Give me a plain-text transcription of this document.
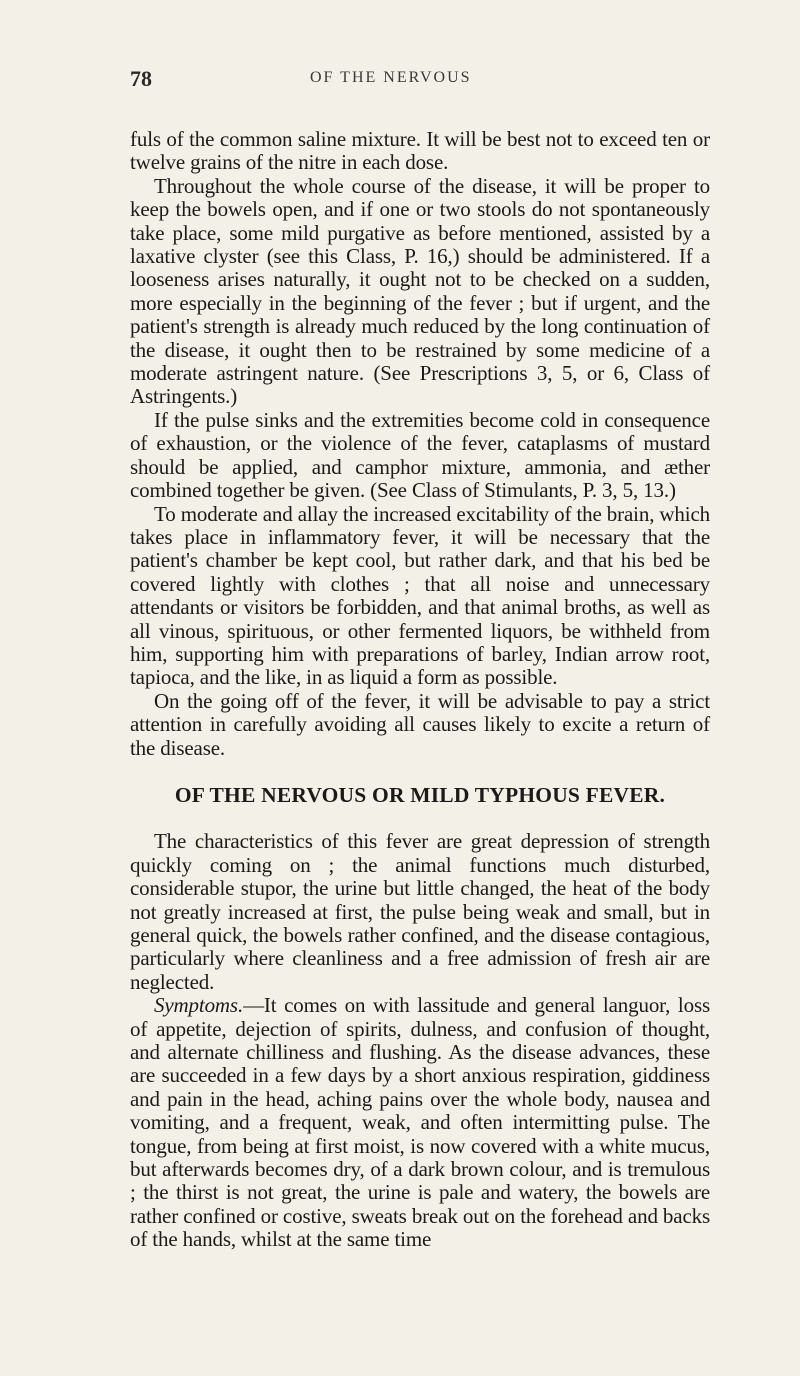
78	OF THE NERVOUS

fuls of the common saline mixture. It will be best not to exceed ten or twelve grains of the nitre in each dose.

Throughout the whole course of the disease, it will be proper to keep the bowels open, and if one or two stools do not spontaneously take place, some mild purgative as before mentioned, assisted by a laxative clyster (see this Class, P. 16,) should be administered. If a looseness arises naturally, it ought not to be checked on a sudden, more especially in the beginning of the fever ; but if urgent, and the patient's strength is already much reduced by the long continuation of the disease, it ought then to be restrained by some medicine of a moderate astringent nature. (See Prescriptions 3, 5, or 6, Class of Astringents.)

If the pulse sinks and the extremities become cold in consequence of exhaustion, or the violence of the fever, cataplasms of mustard should be applied, and camphor mixture, ammonia, and æther combined together be given. (See Class of Stimulants, P. 3, 5, 13.)

To moderate and allay the increased excitability of the brain, which takes place in inflammatory fever, it will be necessary that the patient's chamber be kept cool, but rather dark, and that his bed be covered lightly with clothes ; that all noise and unnecessary attendants or visitors be forbidden, and that animal broths, as well as all vinous, spirituous, or other fermented liquors, be withheld from him, supporting him with preparations of barley, Indian arrow root, tapioca, and the like, in as liquid a form as possible.

On the going off of the fever, it will be advisable to pay a strict attention in carefully avoiding all causes likely to excite a return of the disease.

OF THE NERVOUS OR MILD TYPHOUS FEVER.

The characteristics of this fever are great depression of strength quickly coming on ; the animal functions much disturbed, considerable stupor, the urine but little changed, the heat of the body not greatly increased at first, the pulse being weak and small, but in general quick, the bowels rather confined, and the disease contagious, particularly where cleanliness and a free admission of fresh air are neglected.

Symptoms.—It comes on with lassitude and general languor, loss of appetite, dejection of spirits, dulness, and confusion of thought, and alternate chilliness and flushing. As the disease advances, these are succeeded in a few days by a short anxious respiration, giddiness and pain in the head, aching pains over the whole body, nausea and vomiting, and a frequent, weak, and often intermitting pulse. The tongue, from being at first moist, is now covered with a white mucus, but afterwards becomes dry, of a dark brown colour, and is tremulous ; the thirst is not great, the urine is pale and watery, the bowels are rather confined or costive, sweats break out on the forehead and backs of the hands, whilst at the same time
